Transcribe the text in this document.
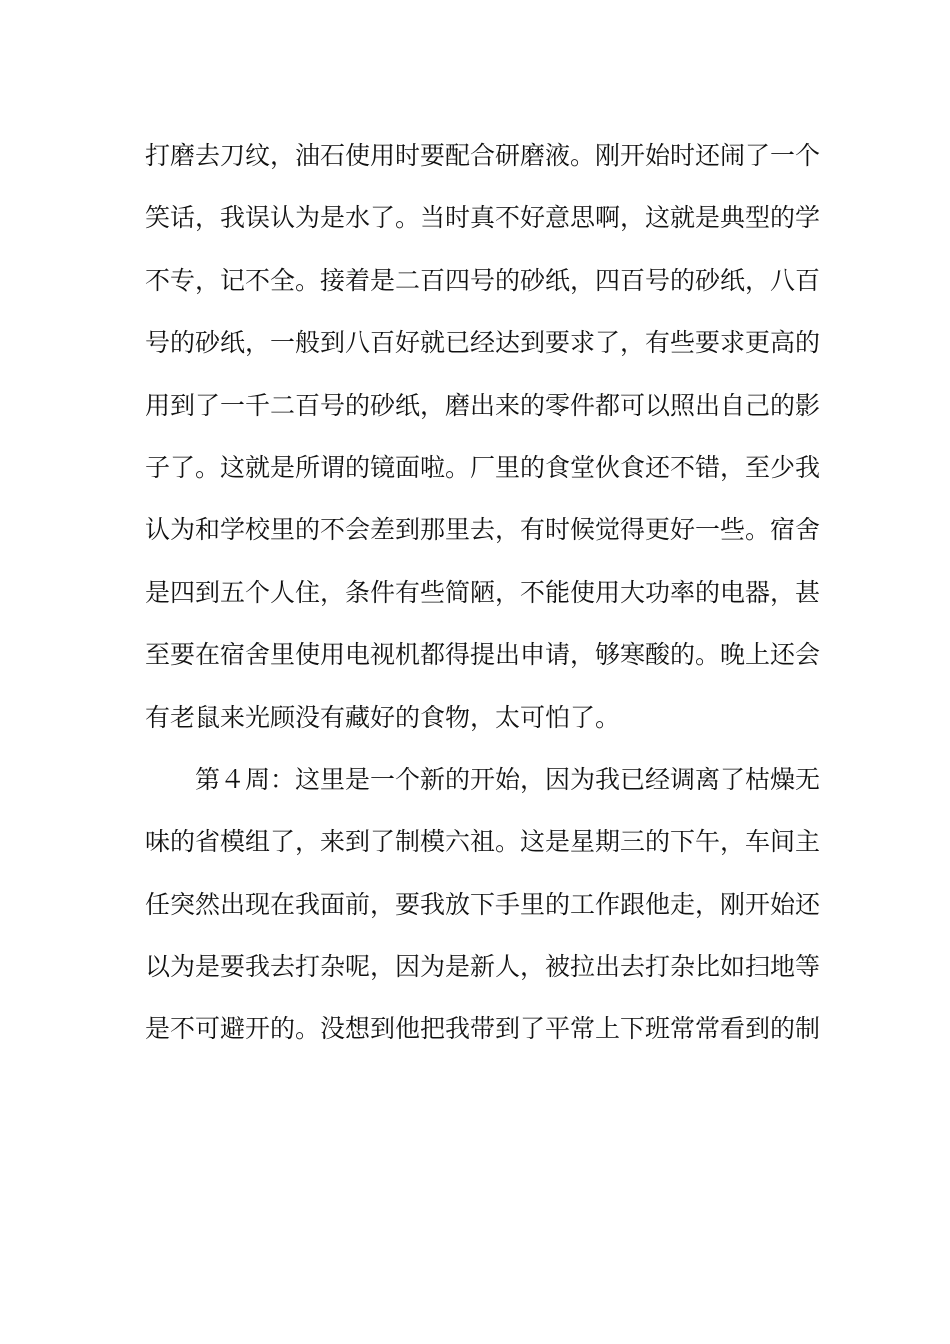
打磨去刀纹，油石使用时要配合研磨液。刚开始时还闹了一个
笑话，我误认为是水了。当时真不好意思啊，这就是典型的学
不专，记不全。接着是二百四号的砂纸，四百号的砂纸，八百
号的砂纸，一般到八百好就已经达到要求了，有些要求更高的
用到了一千二百号的砂纸，磨出来的零件都可以照出自己的影
子了。这就是所谓的镜面啦。厂里的食堂伙食还不错，至少我
认为和学校里的不会差到那里去，有时候觉得更好一些。宿舍
是四到五个人住，条件有些简陋，不能使用大功率的电器，甚
至要在宿舍里使用电视机都得提出申请，够寒酸的。晚上还会
有老鼠来光顾没有藏好的食物，太可怕了。
第４周：这里是一个新的开始，因为我已经调离了枯燥无
味的省模组了，来到了制模六祖。这是星期三的下午，车间主
任突然出现在我面前，要我放下手里的工作跟他走，刚开始还
以为是要我去打杂呢，因为是新人，被拉出去打杂比如扫地等
是不可避开的。没想到他把我带到了平常上下班常常看到的制
